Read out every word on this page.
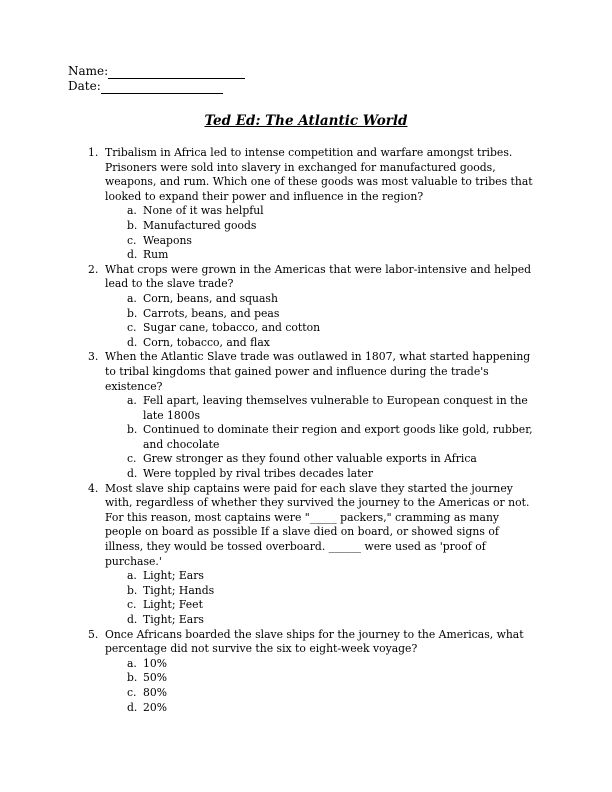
Name:
Date:
Ted Ed: The Atlantic World
1. Tribalism in Africa led to intense competition and warfare amongst tribes. Prisoners were sold into slavery in exchanged for manufactured goods, weapons, and rum. Which one of these goods was most valuable to tribes that looked to expand their power and influence in the region?
a. None of it was helpful
b. Manufactured goods
c. Weapons
d. Rum
2. What crops were grown in the Americas that were labor-intensive and helped lead to the slave trade?
a. Corn, beans, and squash
b. Carrots, beans, and peas
c. Sugar cane, tobacco, and cotton
d. Corn, tobacco, and flax
3. When the Atlantic Slave trade was outlawed in 1807, what started happening to tribal kingdoms that gained power and influence during the trade's existence?
a. Fell apart, leaving themselves vulnerable to European conquest in the late 1800s
b. Continued to dominate their region and export goods like gold, rubber, and chocolate
c. Grew stronger as they found other valuable exports in Africa
d. Were toppled by rival tribes decades later
4. Most slave ship captains were paid for each slave they started the journey with, regardless of whether they survived the journey to the Americas or not. For this reason, most captains were "_____ packers," cramming as many people on board as possible If a slave died on board, or showed signs of illness, they would be tossed overboard. ______ were used as 'proof of purchase.'
a. Light; Ears
b. Tight; Hands
c. Light; Feet
d. Tight; Ears
5. Once Africans boarded the slave ships for the journey to the Americas, what percentage did not survive the six to eight-week voyage?
a. 10%
b. 50%
c. 80%
d. 20%
